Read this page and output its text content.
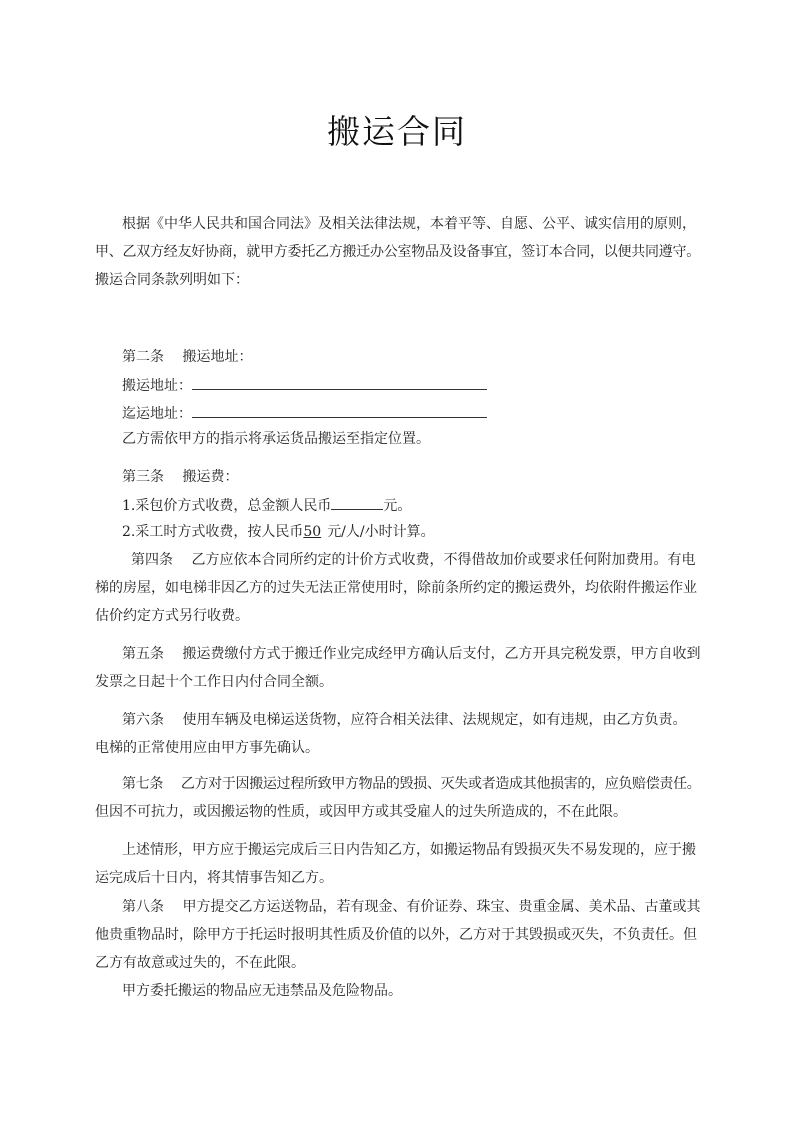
搬运合同
根据《中华人民共和国合同法》及相关法律法规，本着平等、自愿、公平、诚实信用的原则，
甲、乙双方经友好协商，就甲方委托乙方搬迁办公室物品及设备事宜，签订本合同，以便共同遵守。
搬运合同条款列明如下：
第二条　 搬运地址：
搬运地址：
迄运地址：
乙方需依甲方的指示将承运货品搬运至指定位置。
第三条　 搬运费：
1.采包价方式收费，总金额人民币	元。
2.采工时方式收费，按人民币50 元/人/小时计算。
第四条　 乙方应依本合同所约定的计价方式收费，不得借故加价或要求任何附加费用。有电
梯的房屋，如电梯非因乙方的过失无法正常使用时，除前条所约定的搬运费外，均依附件搬运作业
估价约定方式另行收费。
第五条　 搬运费缴付方式于搬迁作业完成经甲方确认后支付，乙方开具完税发票，甲方自收到
发票之日起十个工作日内付合同全额。
第六条　 使用车辆及电梯运送货物，应符合相关法律、法规规定，如有违规，由乙方负责。
电梯的正常使用应由甲方事先确认。
第七条　 乙方对于因搬运过程所致甲方物品的毁损、灭失或者造成其他损害的，应负赔偿责任。
但因不可抗力，或因搬运物的性质，或因甲方或其受雇人的过失所造成的，不在此限。
上述情形，甲方应于搬运完成后三日内告知乙方，如搬运物品有毁损灭失不易发现的，应于搬
运完成后十日内，将其情事告知乙方。
第八条　 甲方提交乙方运送物品，若有现金、有价证券、珠宝、贵重金属、美术品、古董或其
他贵重物品时，除甲方于托运时报明其性质及价值的以外，乙方对于其毁损或灭失，不负责任。但
乙方有故意或过失的，不在此限。
甲方委托搬运的物品应无违禁品及危险物品。
